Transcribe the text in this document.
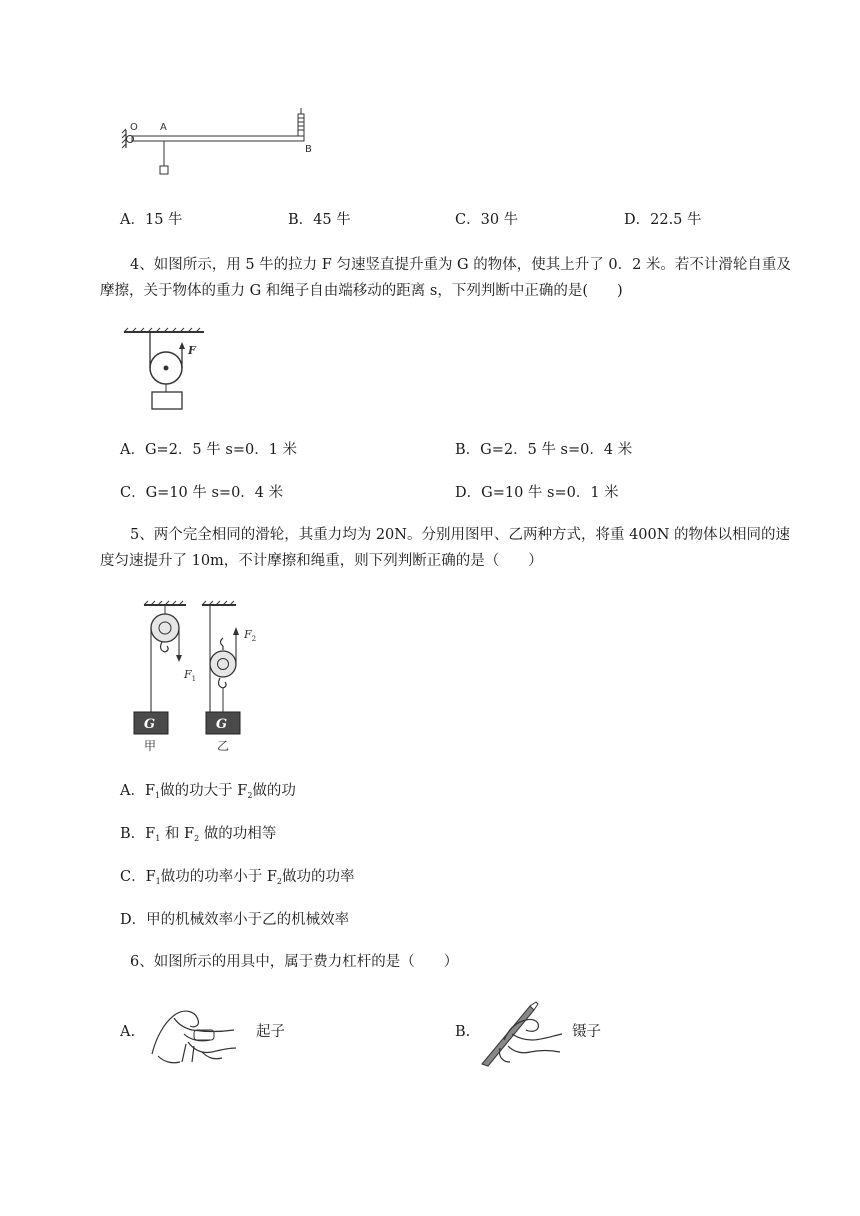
O A
B
A．15 牛	B．45 牛	C．30 牛	D．22.5 牛
4、如图所示，用 5 牛的拉力 F 匀速竖直提升重为 G 的物体，使其上升了 0．2 米。若不计滑轮自重及摩擦，关于物体的重力 G 和绳子自由端移动的距离 s，下列判断中正确的是(　　)
F
A．G=2．5 牛 s=0．1 米	B．G=2．5 牛 s=0．4 米
C．G=10 牛 s=0．4 米	D．G=10 牛 s=0．1 米
5、两个完全相同的滑轮，其重力均为 20N。分别用图甲、乙两种方式，将重 400N 的物体以相同的速度匀速提升了 10m，不计摩擦和绳重，则下列判断正确的是（　　）
G
$F_1$
甲
G
$F_2$
乙
A．$F_1$做的功大于 $F_2$做的功
B．$F_1$ 和 $F_2$ 做的功相等
C．$F_1$做功的功率小于 $F_2$做功的功率
D．甲的机械效率小于乙的机械效率
6、如图所示的用具中，属于费力杠杆的是（　　）
A.	起子	B.	镊子
